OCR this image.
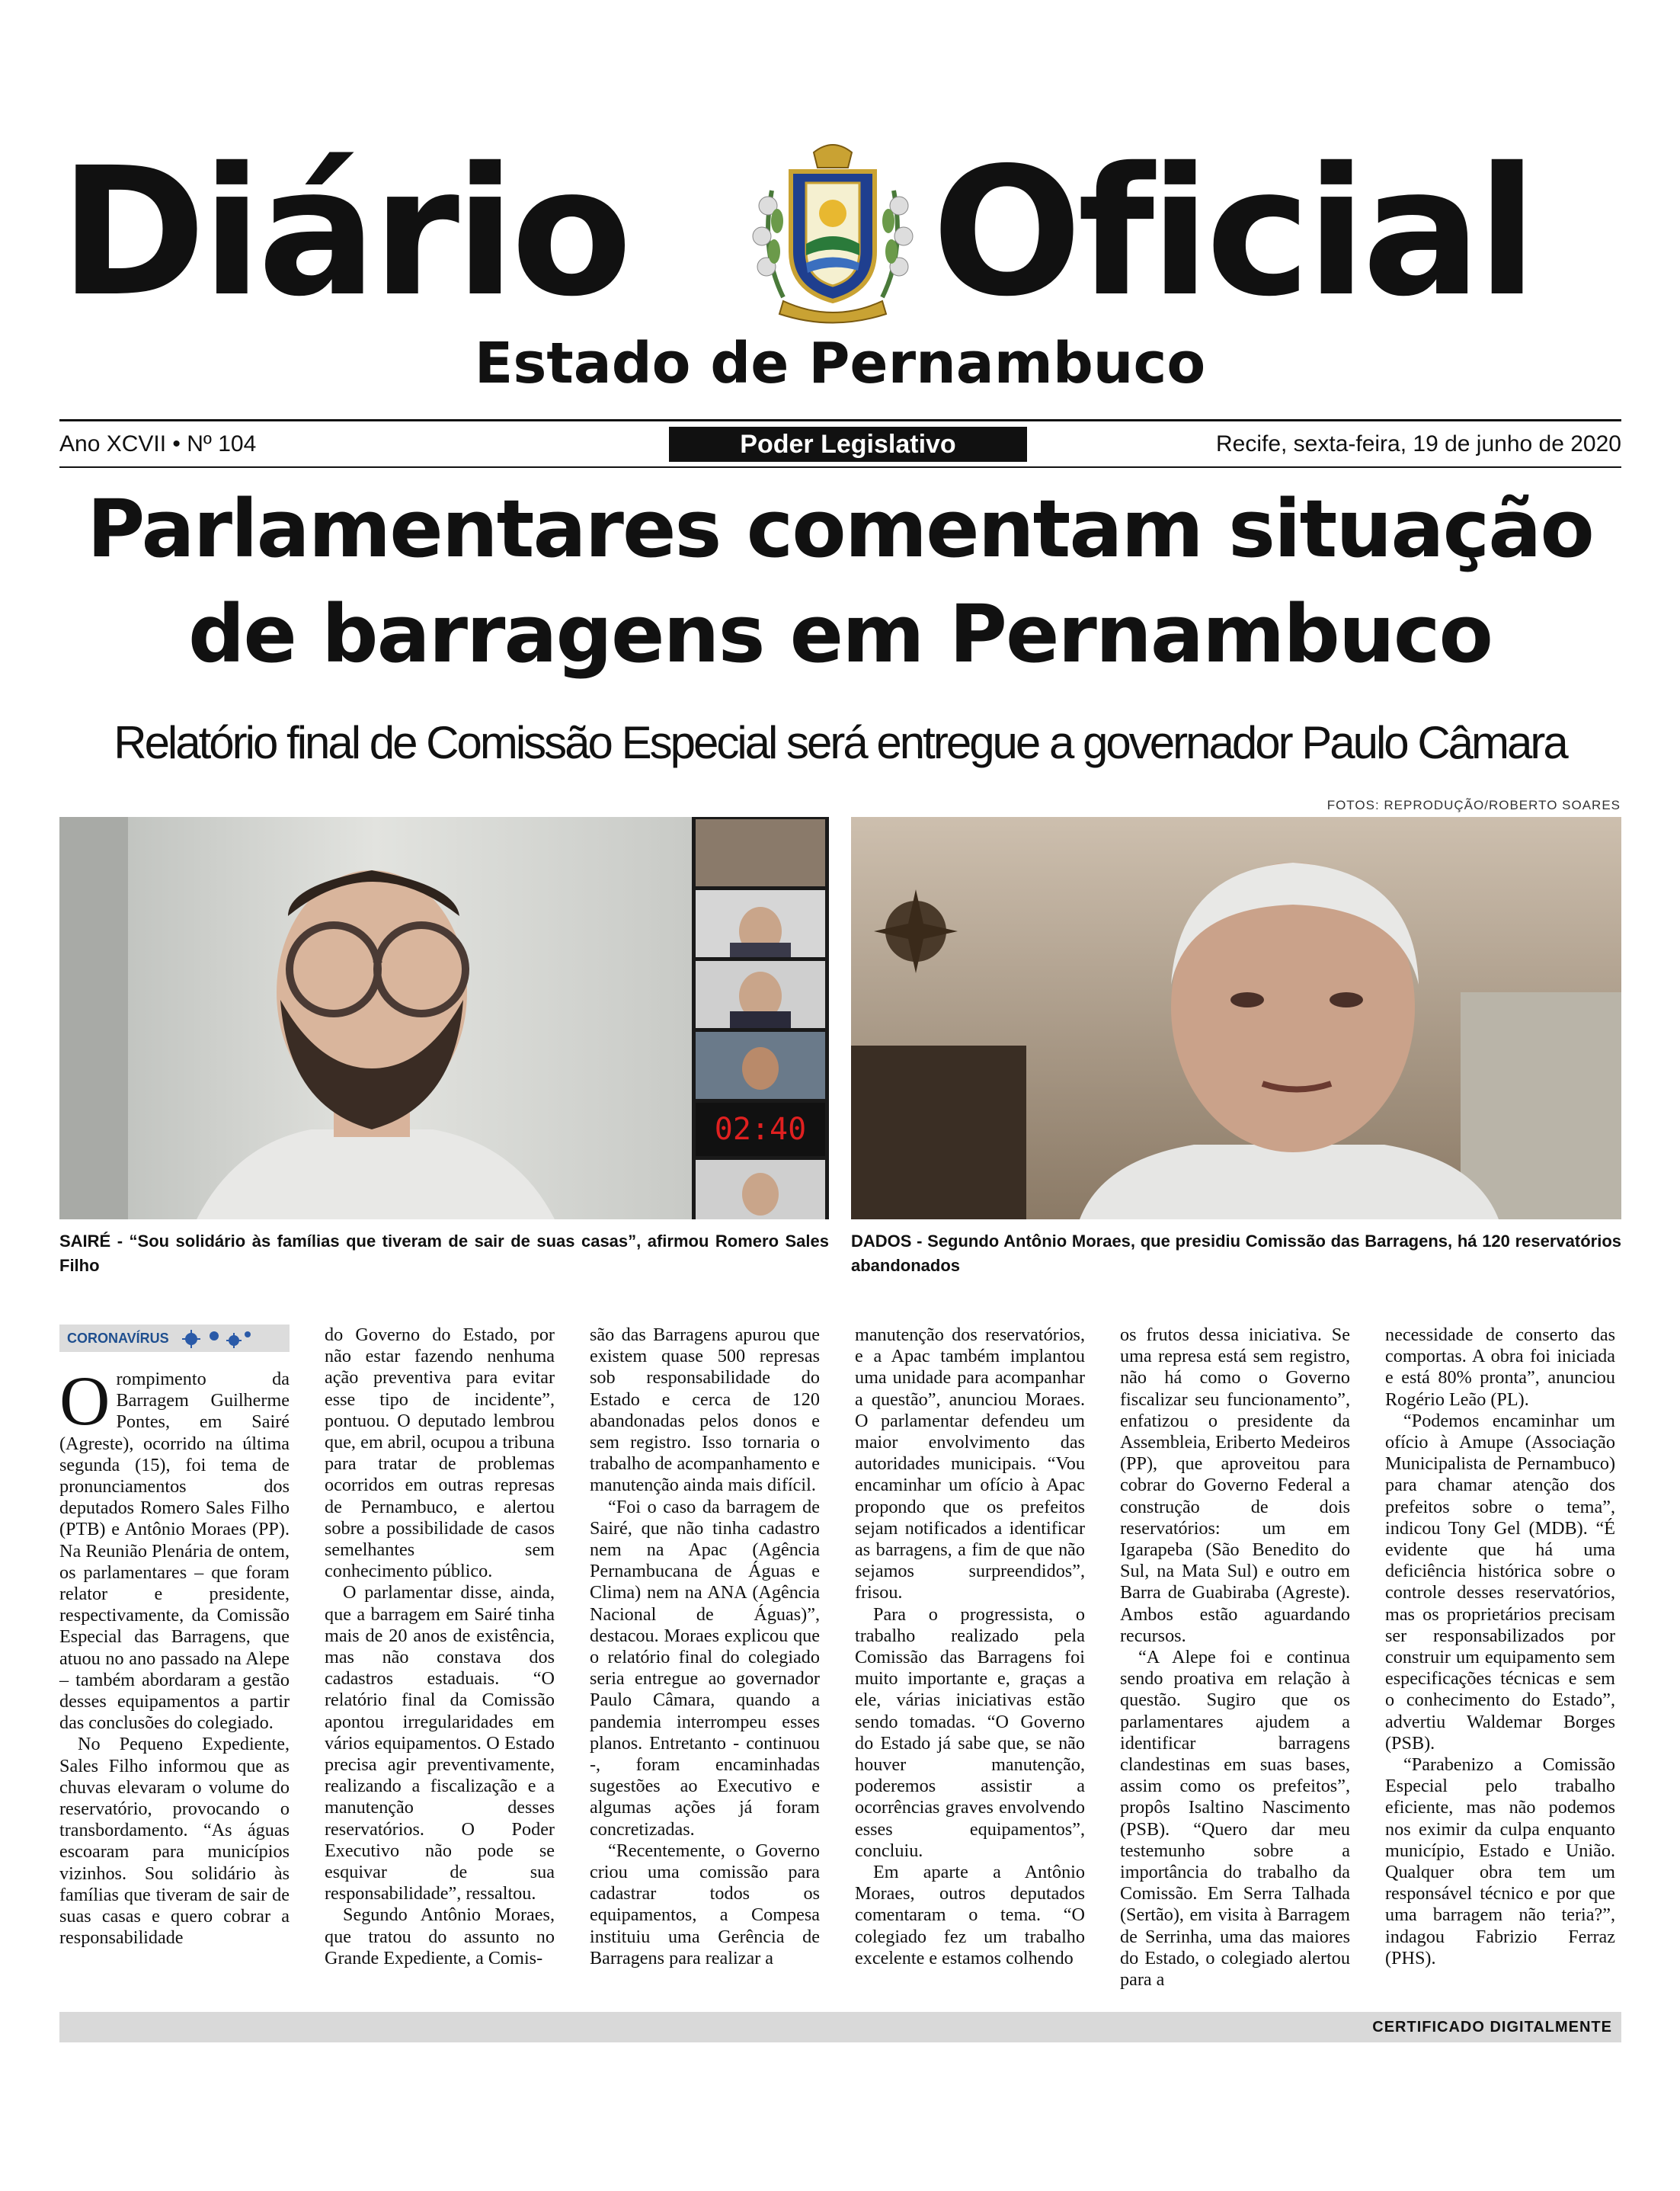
Diário Oficial
Estado de Pernambuco
Ano XCVII • Nº 104	Poder Legislativo	Recife, sexta-feira, 19 de junho de 2020
Parlamentares comentam situação
de barragens em Pernambuco
Relatório final de Comissão Especial será entregue a governador Paulo Câmara
FOTOS: REPRODUÇÃO/ROBERTO SOARES
02:40
SAIRÉ - “Sou solidário às famílias que tiveram de sair de suas casas”, afirmou Romero Sales Filho
DADOS - Segundo Antônio Moraes, que presidiu Comissão das Barragens, há 120 reservatórios abandonados
CORONAVÍRUS

Orompimento da Barragem Guilherme Pontes, em Sairé (Agreste), ocorrido na última segunda (15), foi tema de pronunciamentos dos deputados Romero Sales Filho (PTB) e Antônio Moraes (PP). Na Reunião Plenária de ontem, os parlamentares – que foram relator e presidente, respectivamente, da Comissão Especial das Barragens, que atuou no ano passado na Alepe – também abordaram a gestão desses equipamentos a partir das conclusões do colegiado.

No Pequeno Expediente, Sales Filho informou que as chuvas elevaram o volume do reservatório, provocando o transbordamento. “As águas escoaram para municípios vizinhos. Sou solidário às famílias que tiveram de sair de suas casas e quero cobrar a responsabilidade

do Governo do Estado, por não estar fazendo nenhuma ação preventiva para evitar esse tipo de incidente”, pontuou. O deputado lembrou que, em abril, ocupou a tribuna para tratar de problemas ocorridos em outras represas de Pernambuco, e alertou sobre a possibilidade de casos semelhantes sem conhecimento público.

O parlamentar disse, ainda, que a barragem em Sairé tinha mais de 20 anos de existência, mas não constava dos cadastros estaduais. “O relatório final da Comissão apontou irregularidades em vários equipamentos. O Estado precisa agir preventivamente, realizando a fiscalização e a manutenção desses reservatórios. O Poder Executivo não pode se esquivar de sua responsabilidade”, ressaltou.

Segundo Antônio Moraes, que tratou do assunto no Grande Expediente, a Comis-

são das Barragens apurou que existem quase 500 represas sob responsabilidade do Estado e cerca de 120 abandonadas pelos donos e sem registro. Isso tornaria o trabalho de acompanhamento e manutenção ainda mais difícil.

“Foi o caso da barragem de Sairé, que não tinha cadastro nem na Apac (Agência Pernambucana de Águas e Clima) nem na ANA (Agência Nacional de Águas)”, destacou. Moraes explicou que o relatório final do colegiado seria entregue ao governador Paulo Câmara, quando a pandemia interrompeu esses planos. Entretanto - continuou -, foram encaminhadas sugestões ao Executivo e algumas ações já foram concretizadas.

“Recentemente, o Governo criou uma comissão para cadastrar todos os equipamentos, a Compesa instituiu uma Gerência de Barragens para realizar a

manutenção dos reservatórios, e a Apac também implantou uma unidade para acompanhar a questão”, anunciou Moraes. O parlamentar defendeu um maior envolvimento das autoridades municipais. “Vou encaminhar um ofício à Apac propondo que os prefeitos sejam notificados a identificar as barragens, a fim de que não sejamos surpreendidos”, frisou.

Para o progressista, o trabalho realizado pela Comissão das Barragens foi muito importante e, graças a ele, várias iniciativas estão sendo tomadas. “O Governo do Estado já sabe que, se não houver manutenção, poderemos assistir a ocorrências graves envolvendo esses equipamentos”, concluiu.

Em aparte a Antônio Moraes, outros deputados comentaram o tema. “O colegiado fez um trabalho excelente e estamos colhendo

os frutos dessa iniciativa. Se uma represa está sem registro, não há como o Governo fiscalizar seu funcionamento”, enfatizou o presidente da Assembleia, Eriberto Medeiros (PP), que aproveitou para cobrar do Governo Federal a construção de dois reservatórios: um em Igarapeba (São Benedito do Sul, na Mata Sul) e outro em Barra de Guabiraba (Agreste). Ambos estão aguardando recursos.

“A Alepe foi e continua sendo proativa em relação à questão. Sugiro que os parlamentares ajudem a identificar barragens clandestinas em suas bases, assim como os prefeitos”, propôs Isaltino Nascimento (PSB). “Quero dar meu testemunho sobre a importância do trabalho da Comissão. Em Serra Talhada (Sertão), em visita à Barragem de Serrinha, uma das maiores do Estado, o colegiado alertou para a

necessidade de conserto das comportas. A obra foi iniciada e está 80% pronta”, anunciou Rogério Leão (PL).

“Podemos encaminhar um ofício à Amupe (Associação Municipalista de Pernambuco) para chamar atenção dos prefeitos sobre o tema”, indicou Tony Gel (MDB). “É evidente que há uma deficiência histórica sobre o controle desses reservatórios, mas os proprietários precisam ser responsabilizados por construir um equipamento sem especificações técnicas e sem o conhecimento do Estado”, advertiu Waldemar Borges (PSB).

“Parabenizo a Comissão Especial pelo trabalho eficiente, mas não podemos nos eximir da culpa enquanto município, Estado e União. Qualquer obra tem um responsável técnico e por que uma barragem não teria?”, indagou Fabrizio Ferraz (PHS).

CERTIFICADO DIGITALMENTE
